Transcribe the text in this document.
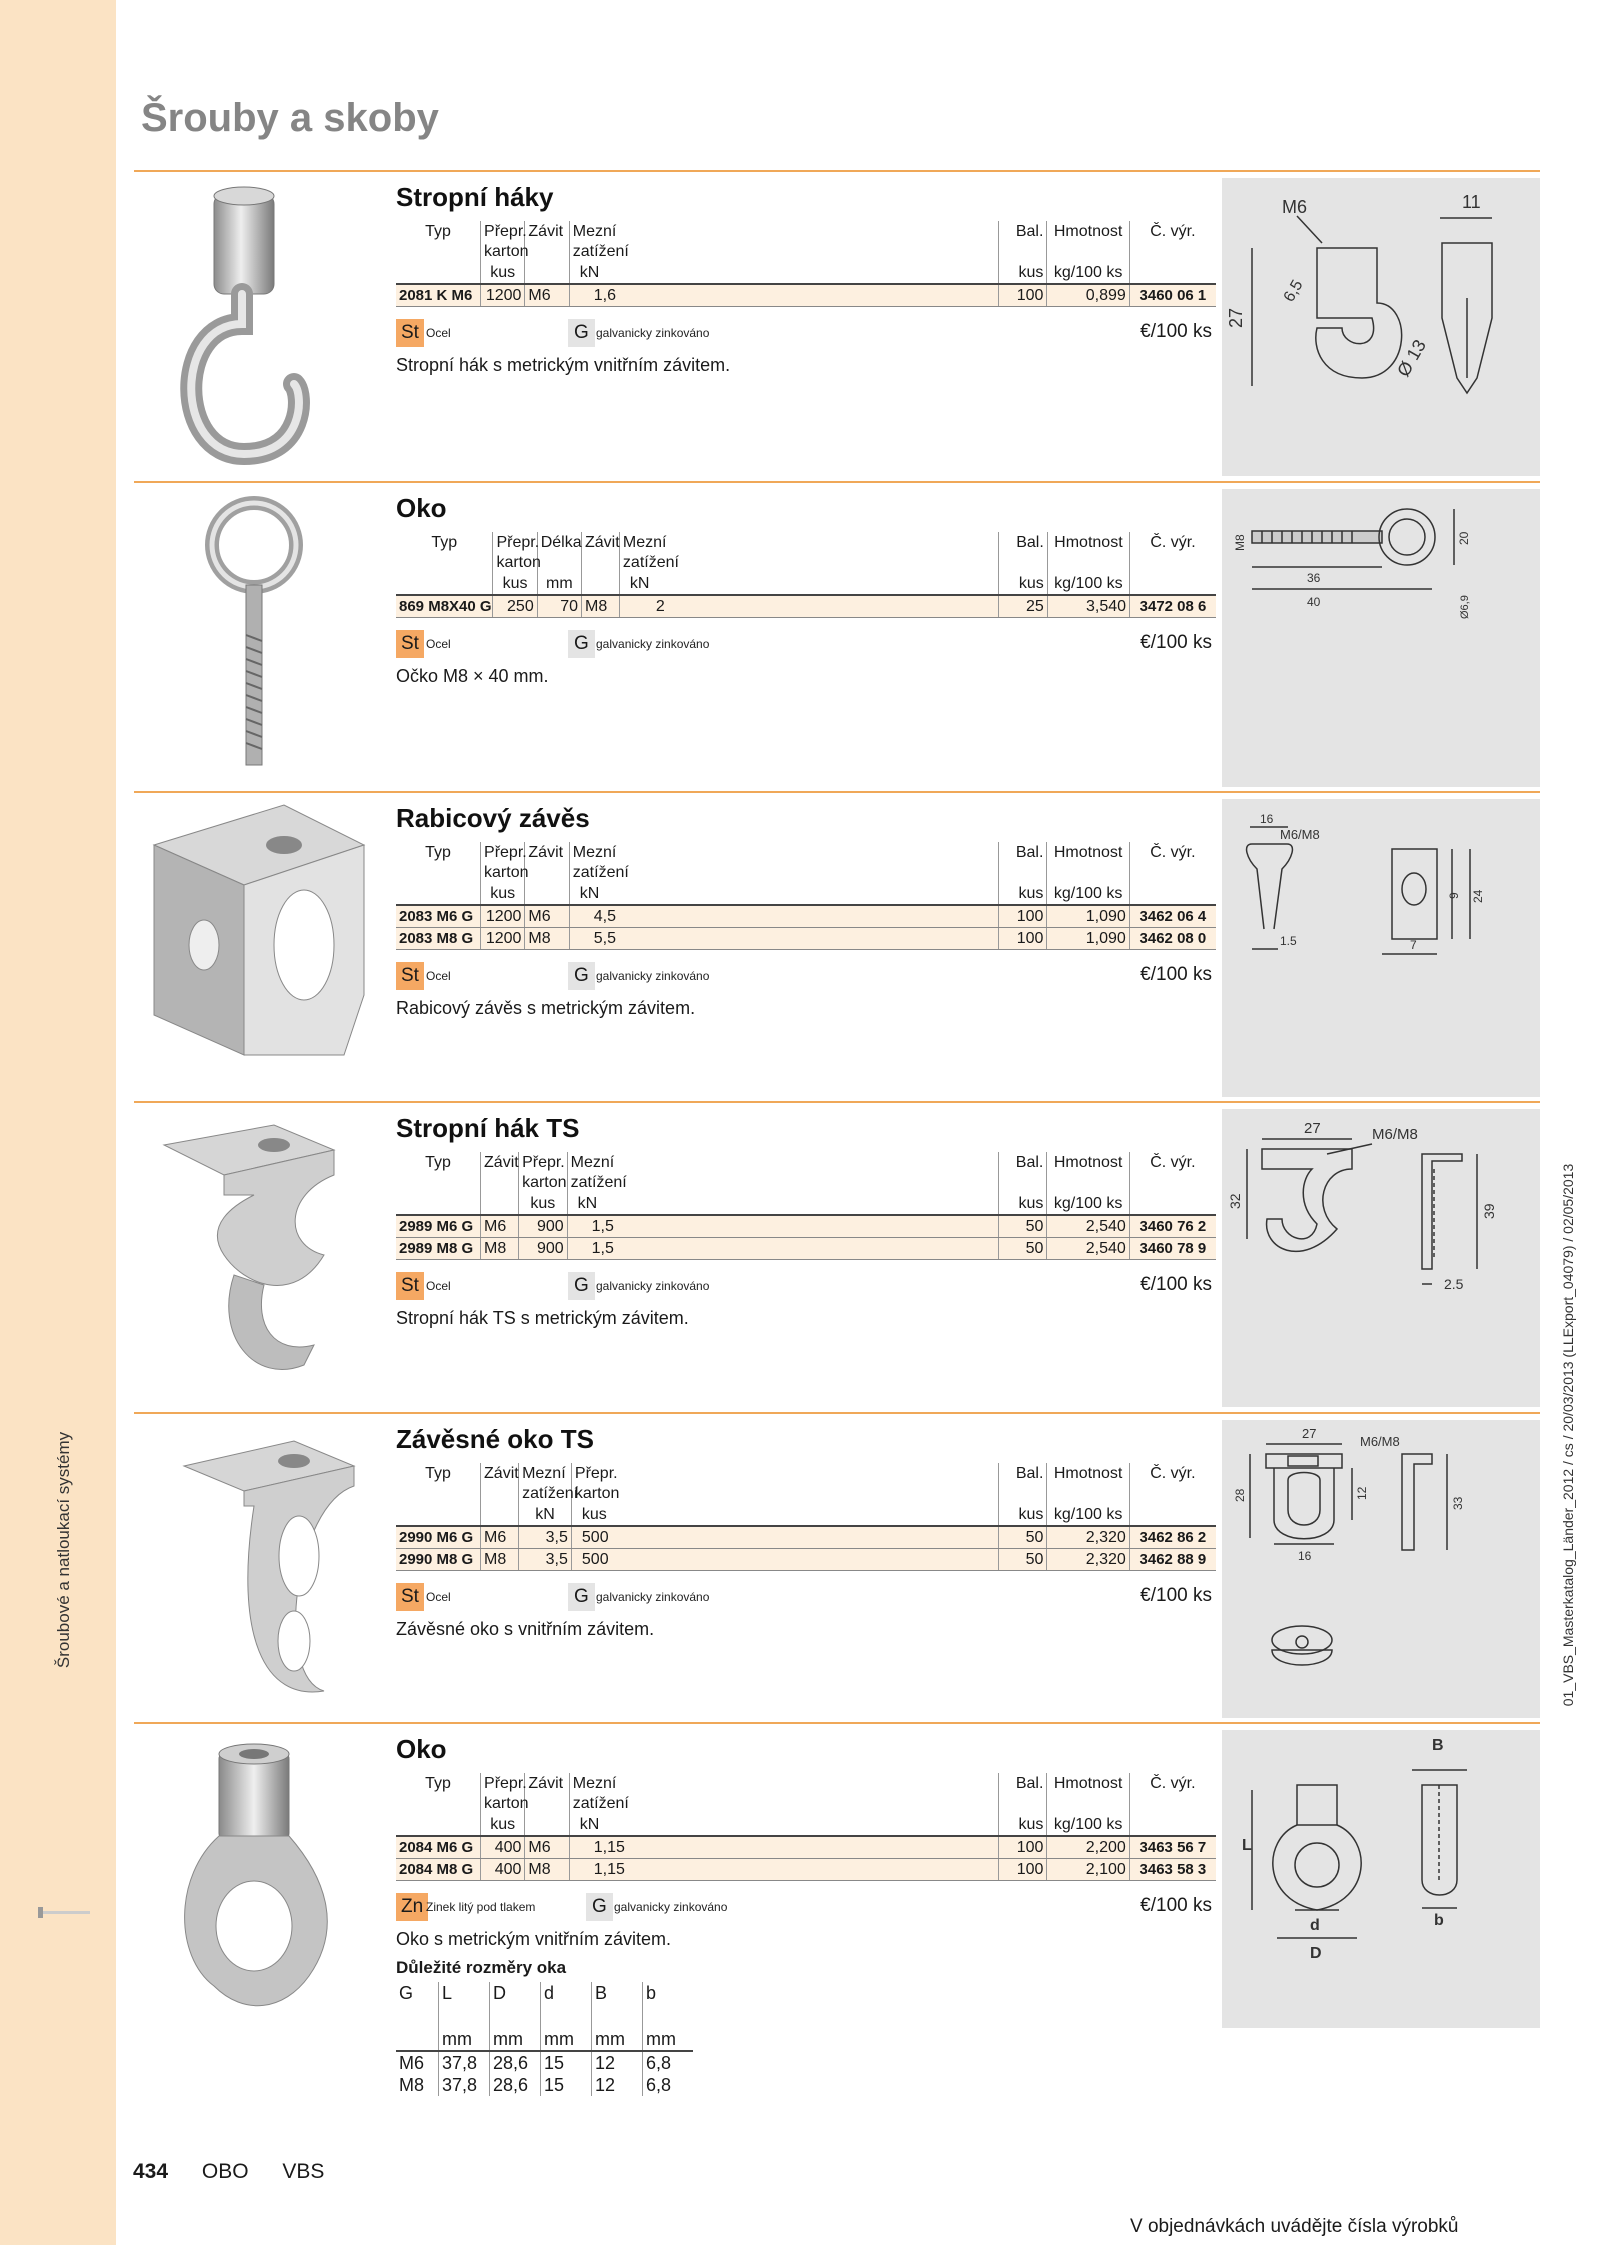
Šroubové a natloukací systémy
Šrouby a skoby
01_VBS_Masterkatalog_Länder_2012 / cs / 20/03/2013 (LLExport_04079) / 02/05/2013
Stropní háky
Typ	Přepr.
karton	Závit	Mezní
zatížení	Bal.	Hmotnost	Č. výr.
	kus		kN	kus	kg/100 ks	
2081 K M6	1200	M6	1,6	100	0,899	3460 06 1
St Ocel	G galvanicky zinkováno	€/100 ks
Stropní hák s metrickým vnitřním závitem.
M6	11
27
6,5
Ø 13
Oko
Typ	Přepr.
karton	Délka	Závit	Mezní
zatížení	Bal.	Hmotnost	Č. výr.
	kus	mm		kN	kus	kg/100 ks	
869 M8X40 G	250	70	M8	2	25	3,540	3472 08 6
St Ocel	G galvanicky zinkováno	€/100 ks
Očko M8 × 40 mm.
M8
36
40
20
Ø6,9
Rabicový závěs
Typ	Přepr.
karton	Závit	Mezní
zatížení	Bal.	Hmotnost	Č. výr.
	kus		kN	kus	kg/100 ks	
2083 M6 G	1200	M6	4,5	100	1,090	3462 06 4
2083 M8 G	1200	M8	5,5	100	1,090	3462 08 0
St Ocel	G galvanicky zinkováno	€/100 ks
Rabicový závěs s metrickým závitem.
16
M6/M8
1.5
9 24
7
Stropní hák TS
Typ	Závit	Přepr.
karton	Mezní
zatížení	Bal.	Hmotnost	Č. výr.
		kus	kN	kus	kg/100 ks	
2989 M6 G	M6	900	1,5	50	2,540	3460 76 2
2989 M8 G	M8	900	1,5	50	2,540	3460 78 9
St Ocel	G galvanicky zinkováno	€/100 ks
Stropní hák TS s metrickým závitem.
27	M6/M8
32
39
2.5
Závěsné oko TS
Typ	Závit	Mezní
zatížení	Přepr.
karton	Bal.	Hmotnost	Č. výr.
		kN	kus	kus	kg/100 ks	
2990 M6 G	M6	3,5	500	50	2,320	3462 86 2
2990 M8 G	M8	3,5	500	50	2,320	3462 88 9
St Ocel	G galvanicky zinkováno	€/100 ks
Závěsné oko s vnitřním závitem.
27
M6/M8
28	12
16
33
Oko
Typ	Přepr.
karton	Závit	Mezní
zatížení	Bal.	Hmotnost	Č. výr.
	kus		kN	kus	kg/100 ks	
2084 M6 G	400	M6	1,15	100	2,200	3463 56 7
2084 M8 G	400	M8	1,15	100	2,100	3463 58 3
Zn Zinek litý pod tlakem	G galvanicky zinkováno	€/100 ks
Oko s metrickým vnitřním závitem.
Důležité rozměry oka
G	L	D	d	B	b
	mm	mm	mm	mm	mm
M6	37,8	28,6	15	12	6,8
M8	37,8	28,6	15	12	6,8
L
d
D
B
b
434 OBO VBS
V objednávkách uvádějte čísla výrobků
